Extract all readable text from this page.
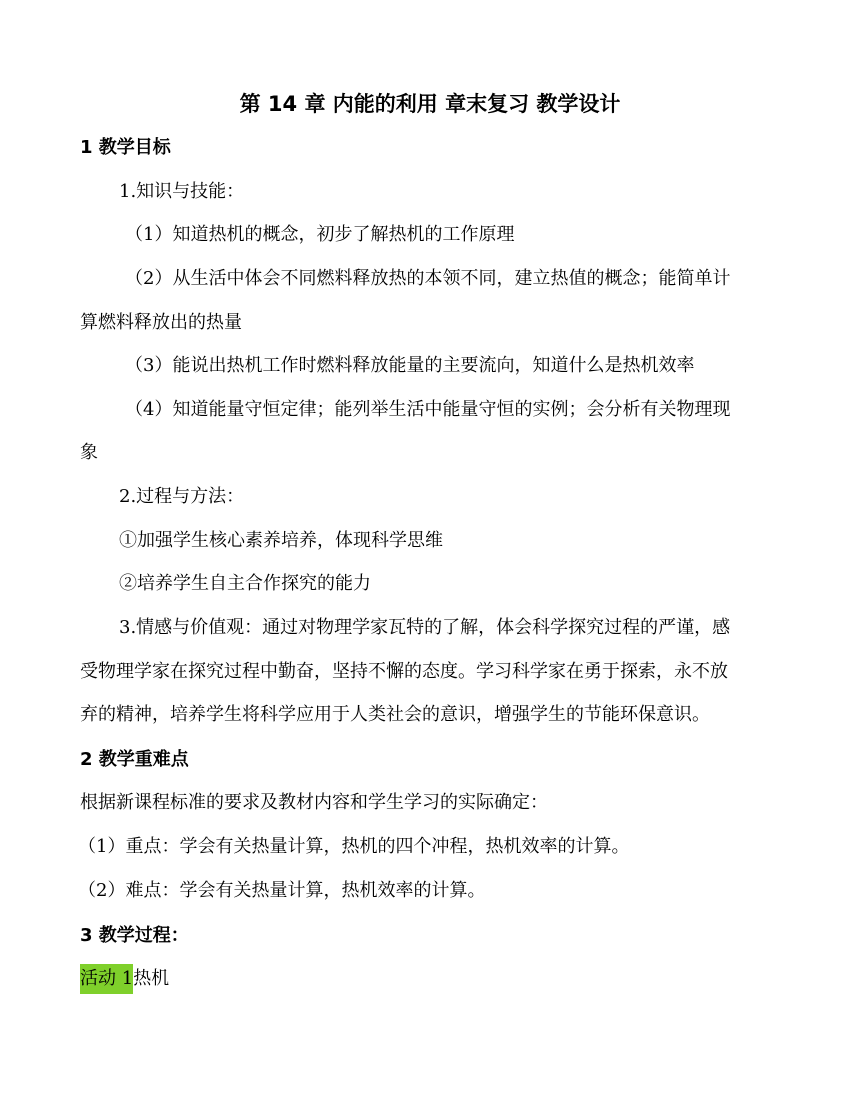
第 14 章 内能的利用 章末复习 教学设计
1 教学目标
1.知识与技能：
（1）知道热机的概念，初步了解热机的工作原理
（2）从生活中体会不同燃料释放热的本领不同，建立热值的概念；能简单计
算燃料释放出的热量
（3）能说出热机工作时燃料释放能量的主要流向，知道什么是热机效率
（4）知道能量守恒定律；能列举生活中能量守恒的实例；会分析有关物理现
象
2.过程与方法：
①加强学生核心素养培养，体现科学思维
②培养学生自主合作探究的能力
3.情感与价值观：通过对物理学家瓦特的了解，体会科学探究过程的严谨，感
受物理学家在探究过程中勤奋，坚持不懈的态度。学习科学家在勇于探索，永不放
弃的精神，培养学生将科学应用于人类社会的意识，增强学生的节能环保意识。
2 教学重难点
根据新课程标准的要求及教材内容和学生学习的实际确定：
（1）重点：学会有关热量计算，热机的四个冲程，热机效率的计算。
（2）难点：学会有关热量计算，热机效率的计算。
3 教学过程：
活动 1热机
